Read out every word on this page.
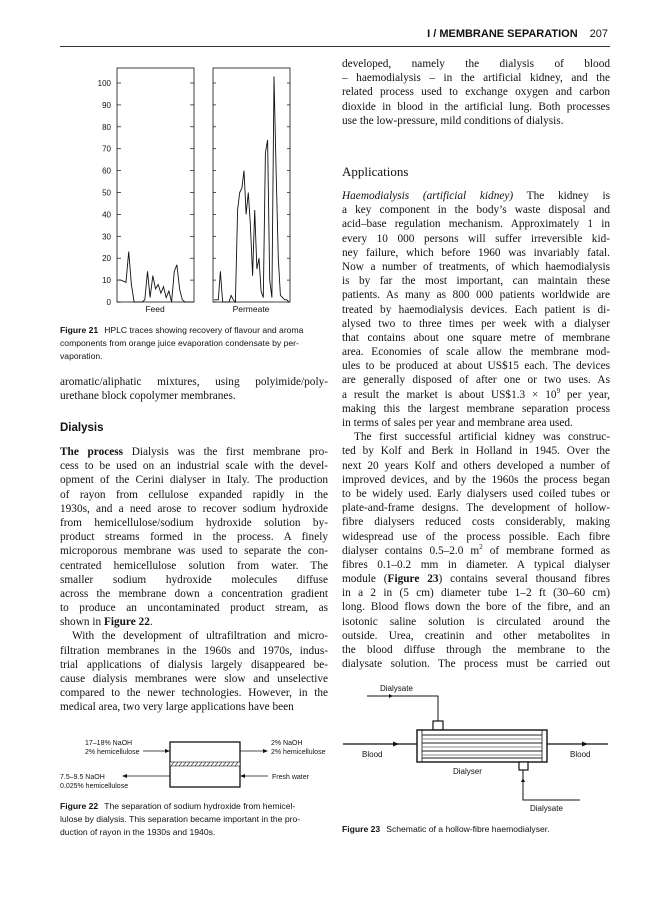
I / MEMBRANE SEPARATION 207
0
10
20
30
40
50
60
70
80
90
100
Feed	Permeate
17–18% NaOH
2% hemicellulose
2% NaOH
2% hemicellulose
7.5–9.5 NaOH
0.025% hemicellulose
Fresh water
Dialysate
Blood	Blood
Dialyser
Dialysate
Figure 21 HPLC traces showing recovery of flavour and aroma
components from orange juice evaporation condensate by per-
vaporation.
aromatic/aliphatic mixtures, using polyimide/poly-
urethane block copolymer membranes.
Dialysis
The process Dialysis was the first membrane pro-
cess to be used on an industrial scale with the devel-
opment of the Cerini dialyser in Italy. The production
of rayon from cellulose expanded rapidly in the
1930s, and a need arose to recover sodium hydroxide
from hemicellulose/sodium hydroxide solution by-
product streams formed in the process. A finely
microporous membrane was used to separate the con-
centrated hemicellulose solution from water. The
smaller sodium hydroxide molecules diffuse
across the membrane down a concentration gradient
to produce an uncontaminated product stream, as
shown in Figure 22.
With the development of ultrafiltration and micro-
filtration membranes in the 1960s and 1970s, indus-
trial applications of dialysis largely disappeared be-
cause dialysis membranes were slow and unselective
compared to the newer technologies. However, in the
medical area, two very large applications have been
developed, namely the dialysis of blood
– haemodialysis – in the artificial kidney, and the
related process used to exchange oxygen and carbon
dioxide in blood in the artificial lung. Both processes
use the low-pressure, mild conditions of dialysis.
Applications
Haemodialysis (artificial kidney) The kidney is
a key component in the body’s waste disposal and
acid–base regulation mechanism. Approximately 1 in
every 10 000 persons will suffer irreversible kid-
ney failure, which before 1960 was invariably fatal.
Now a number of treatments, of which haemodialysis
is by far the most important, can maintain these
patients. As many as 800 000 patients worldwide are
treated by haemodialysis devices. Each patient is di-
alysed two to three times per week with a dialyser
that contains about one square metre of membrane
area. Economies of scale allow the membrane mod-
ules to be produced at about US$15 each. The devices
are generally disposed of after one or two uses. As
a result the market is about US$1.3 × $10^9$ per year,
making this the largest membrane separation process
in terms of sales per year and membrane area used.
The first successful artificial kidney was construc-
ted by Kolf and Berk in Holland in 1945. Over the
next 20 years Kolf and others developed a number of
improved devices, and by the 1960s the process began
to be widely used. Early dialysers used coiled tubes or
plate-and-frame designs. The development of hollow-
fibre dialysers reduced costs considerably, making
widespread use of the process possible. Each fibre
dialyser contains 0.5–2.0 $m^2$ of membrane formed as
fibres 0.1–0.2 mm in diameter. A typical dialyser
module (Figure 23) contains several thousand fibres
in a 2 in (5 cm) diameter tube 1–2 ft (30–60 cm)
long. Blood flows down the bore of the fibre, and an
isotonic saline solution is circulated around the
outside. Urea, creatinin and other metabolites in
the blood diffuse through the membrane to the
dialysate solution. The process must be carried out
Figure 22 The separation of sodium hydroxide from hemicel-
lulose by dialysis. This separation became important in the pro-
duction of rayon in the 1930s and 1940s.	Figure 23 Schematic of a hollow-fibre haemodialyser.
